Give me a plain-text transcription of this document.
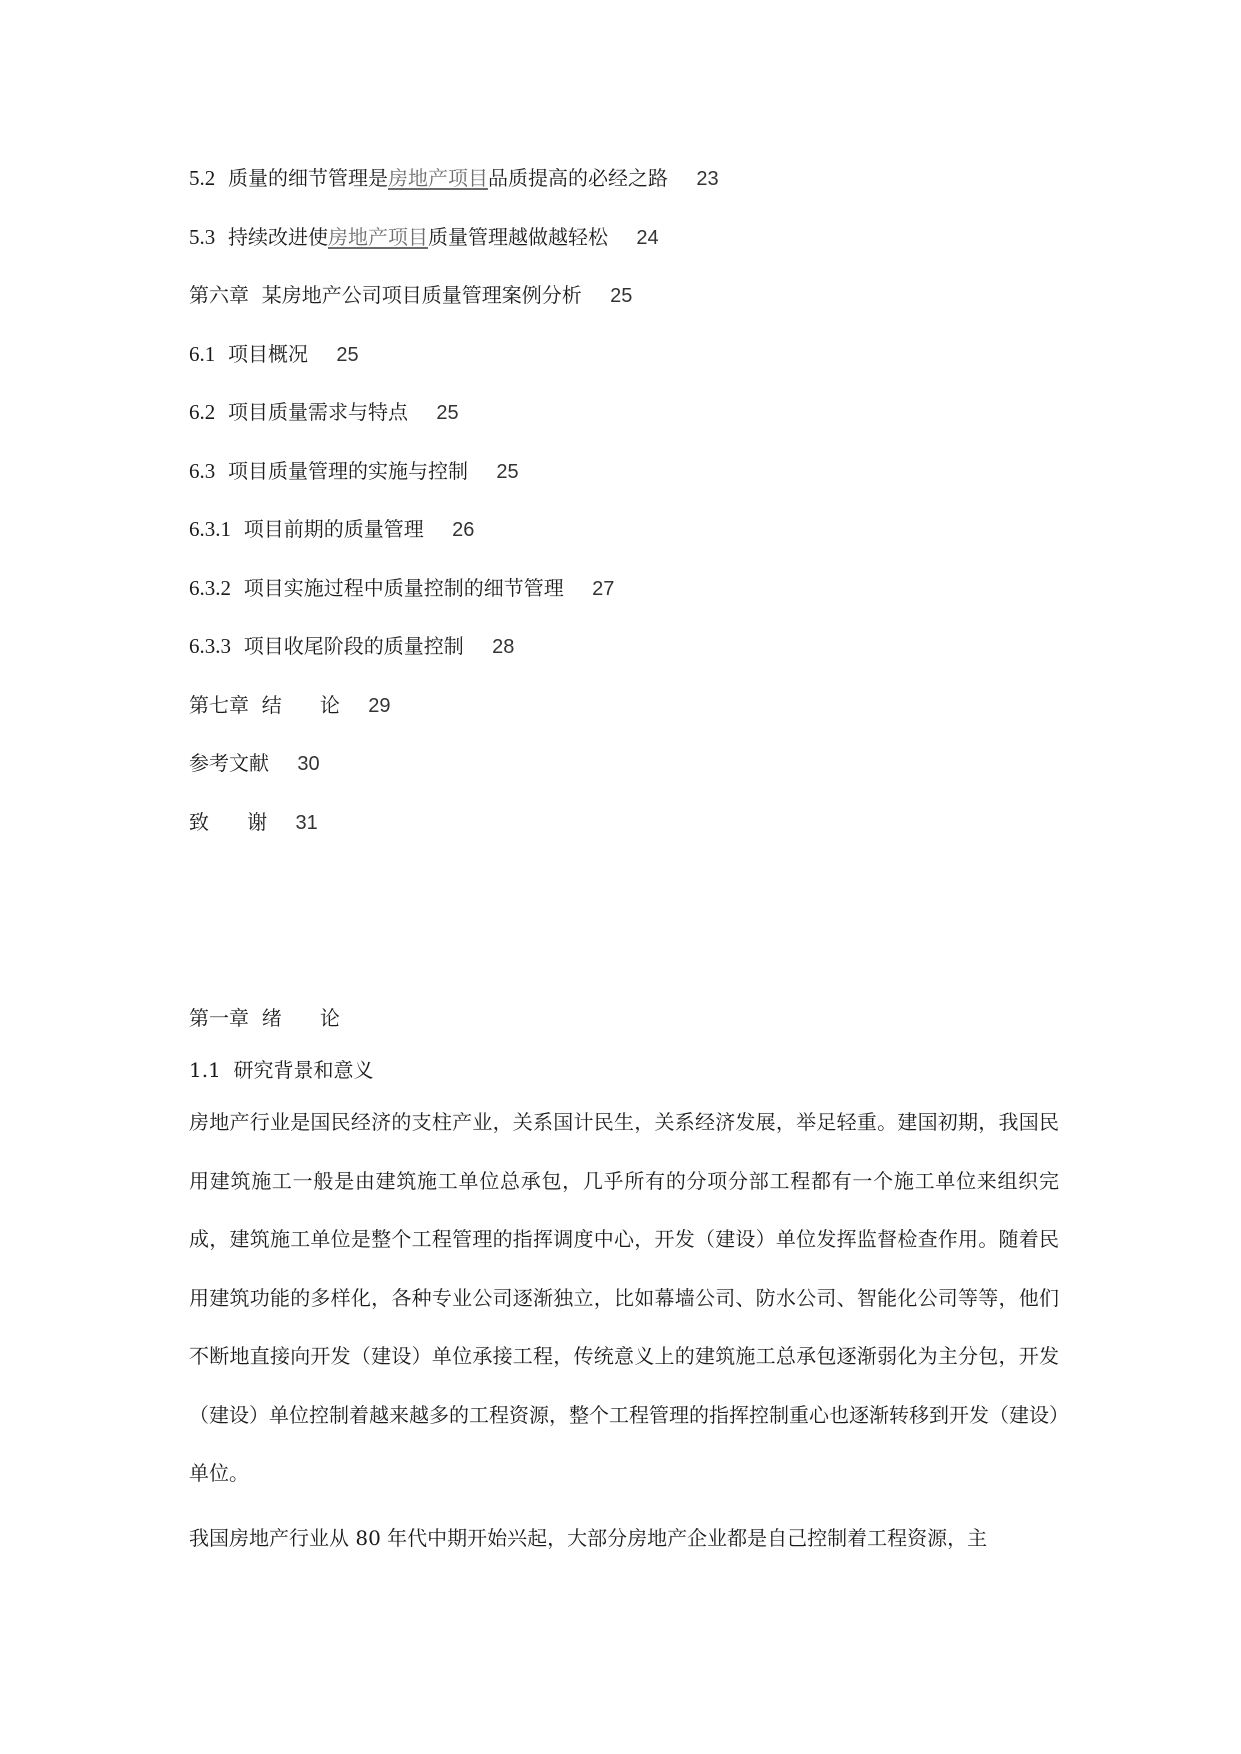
5.2 质量的细节管理是房地产项目品质提高的必经之路 23
5.3 持续改进使房地产项目质量管理越做越轻松 24
第六章  某房地产公司项目质量管理案例分析 25
6.1 项目概况 25
6.2 项目质量需求与特点 25
6.3 项目质量管理的实施与控制 25
6.3.1 项目前期的质量管理 26
6.3.2 项目实施过程中质量控制的细节管理 27
6.3.3 项目收尾阶段的质量控制 28
第七章  结      论 29
参考文献 30
致      谢 31
第一章  绪      论
1.1  研究背景和意义

房地产行业是国民经济的支柱产业，关系国计民生，关系经济发展，举足轻重。建国初期，我国民用建筑施工一般是由建筑施工单位总承包，几乎所有的分项分部工程都有一个施工单位来组织完成，建筑施工单位是整个工程管理的指挥调度中心，开发（建设）单位发挥监督检查作用。随着民用建筑功能的多样化，各种专业公司逐渐独立，比如幕墙公司、防水公司、智能化公司等等，他们不断地直接向开发（建设）单位承接工程，传统意义上的建筑施工总承包逐渐弱化为主分包，开发（建设）单位控制着越来越多的工程资源，整个工程管理的指挥控制重心也逐渐转移到开发（建设）单位。

我国房地产行业从 80 年代中期开始兴起，大部分房地产企业都是自己控制着工程资源，主
